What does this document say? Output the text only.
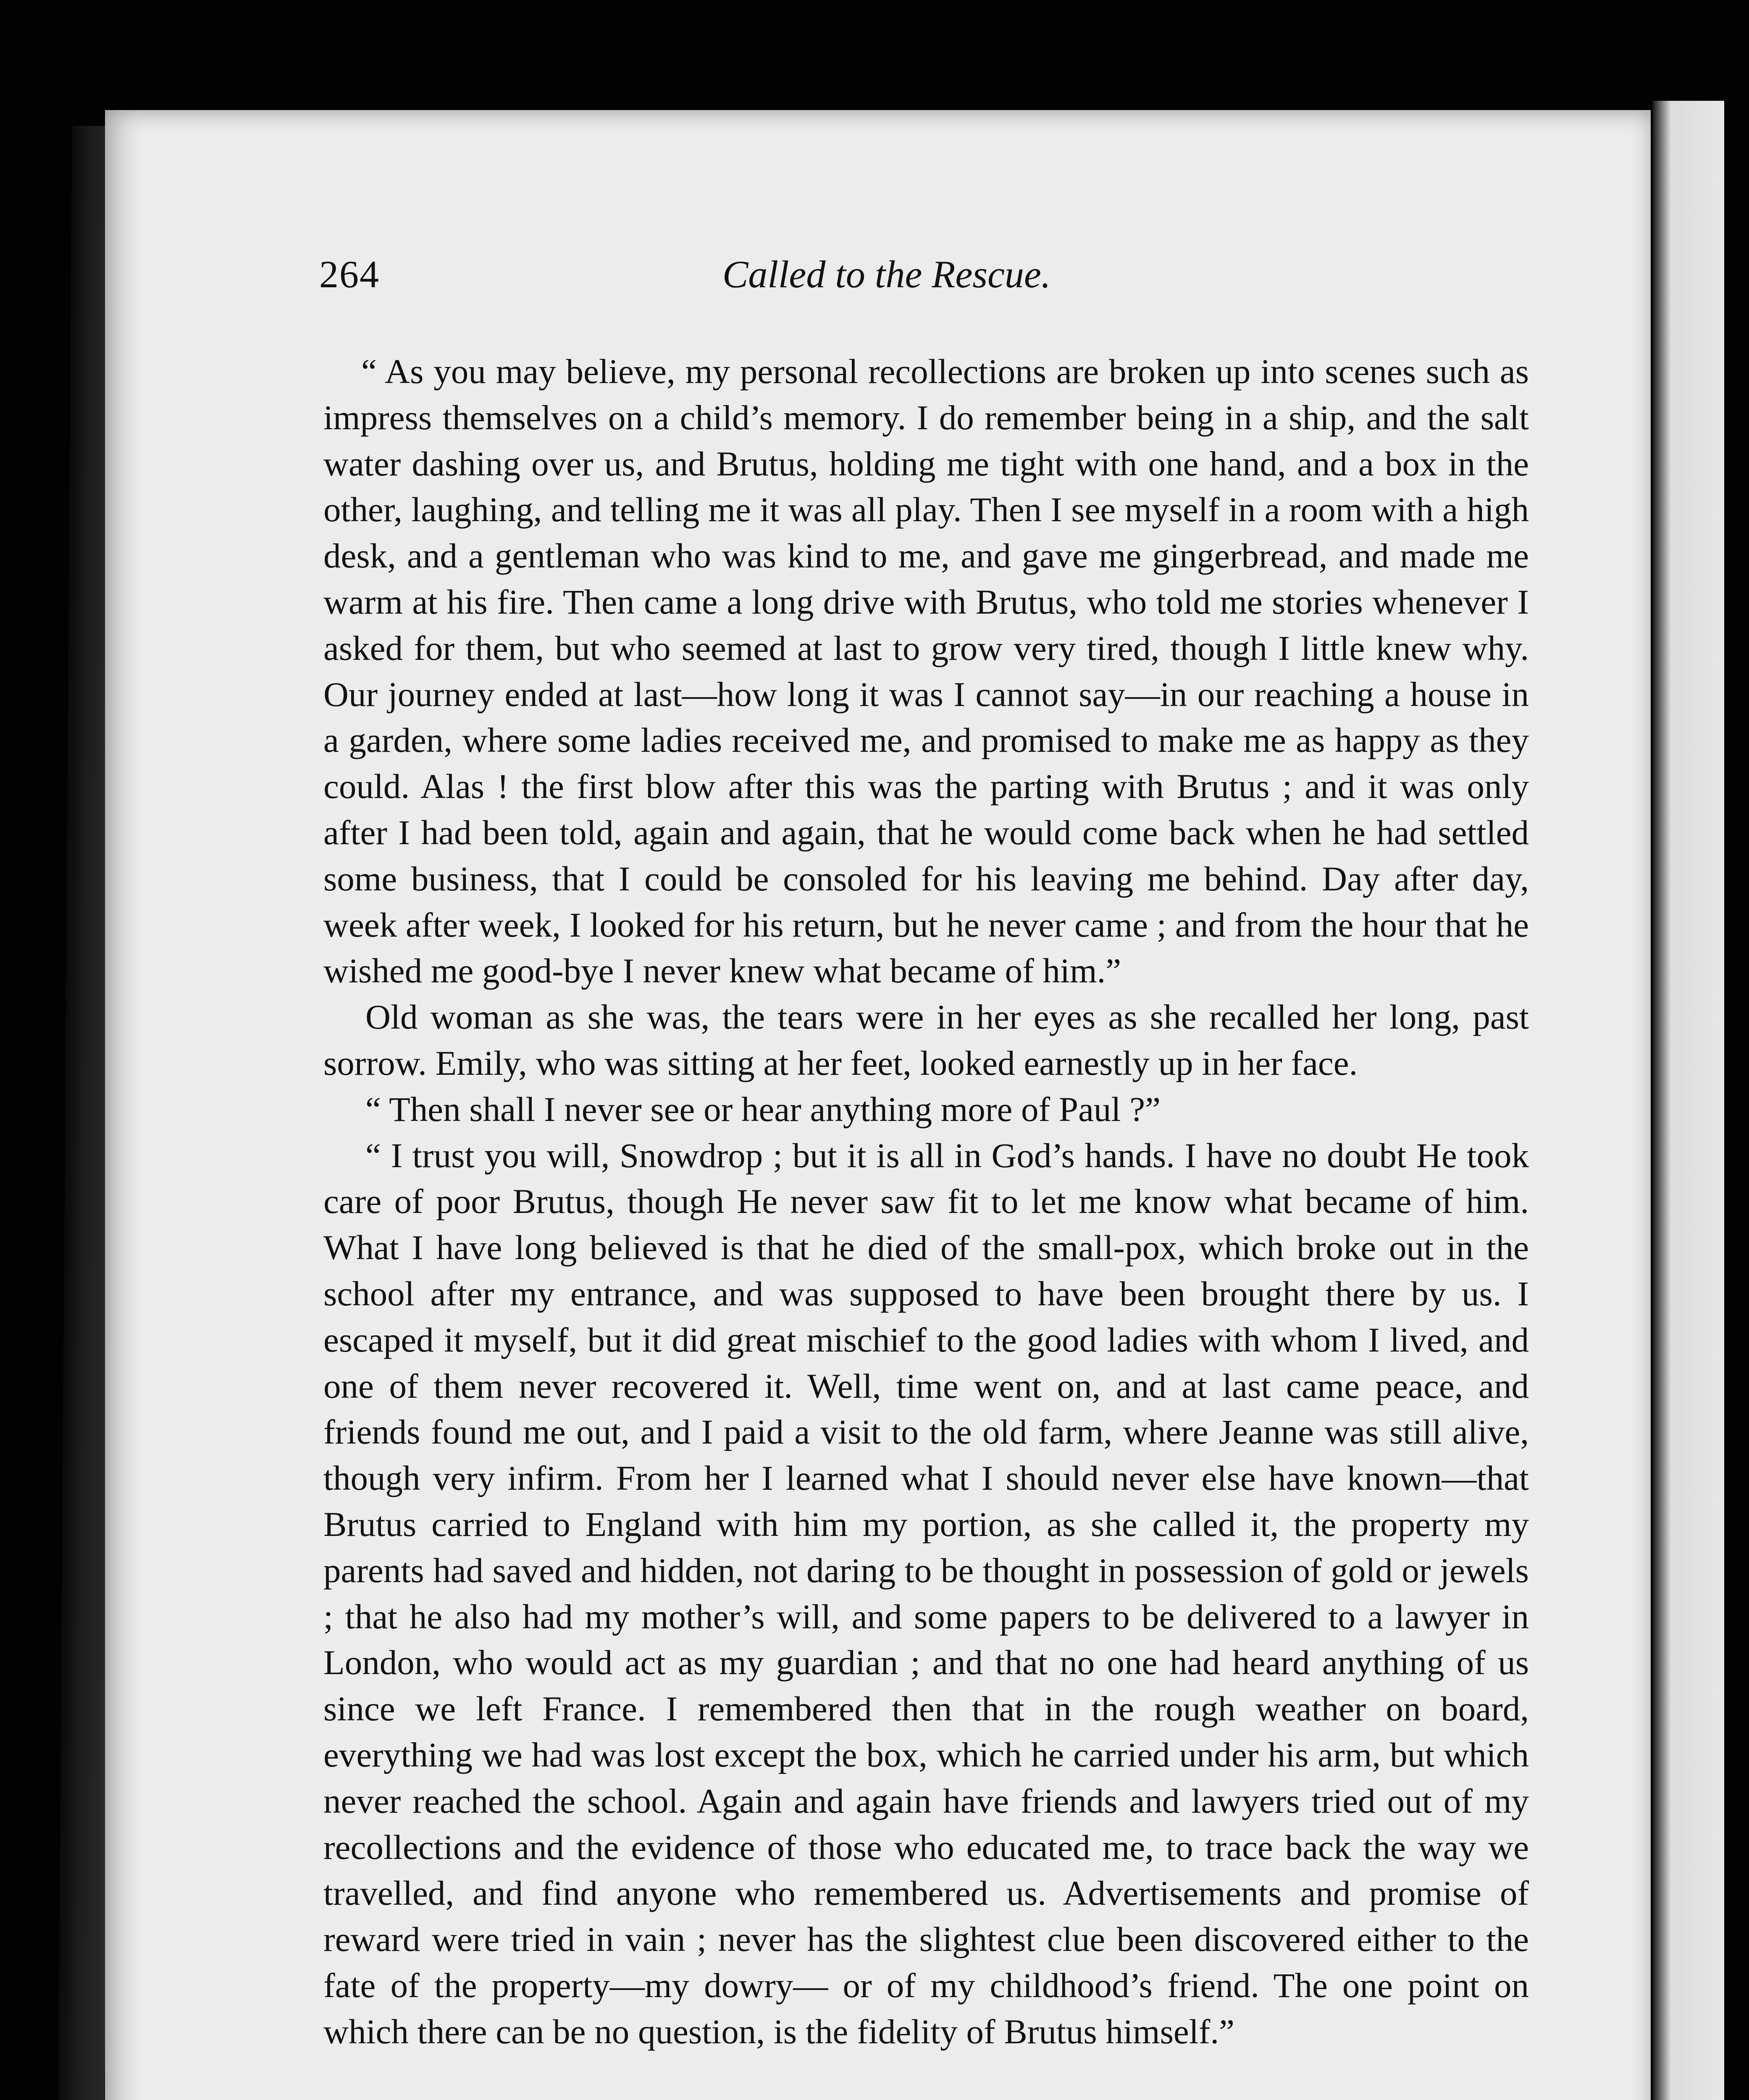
264	Called to the Rescue.

“ As you may believe, my personal recollections are broken up into scenes such as impress themselves on a child’s memory. I do remember being in a ship, and the salt water dashing over us, and Brutus, holding me tight with one hand, and a box in the other, laughing, and telling me it was all play. Then I see myself in a room with a high desk, and a gentleman who was kind to me, and gave me gingerbread, and made me warm at his fire. Then came a long drive with Brutus, who told me stories whenever I asked for them, but who seemed at last to grow very tired, though I little knew why. Our journey ended at last—how long it was I cannot say—in our reaching a house in a garden, where some ladies received me, and promised to make me as happy as they could. Alas ! the first blow after this was the parting with Brutus ; and it was only after I had been told, again and again, that he would come back when he had settled some business, that I could be consoled for his leaving me behind. Day after day, week after week, I looked for his return, but he never came ; and from the hour that he wished me good-bye I never knew what became of him.”

Old woman as she was, the tears were in her eyes as she recalled her long, past sorrow. Emily, who was sitting at her feet, looked earnestly up in her face.

“ Then shall I never see or hear anything more of Paul ?”

“ I trust you will, Snowdrop ; but it is all in God’s hands. I have no doubt He took care of poor Brutus, though He never saw fit to let me know what became of him. What I have long believed is that he died of the small-pox, which broke out in the school after my entrance, and was supposed to have been brought there by us. I escaped it myself, but it did great mischief to the good ladies with whom I lived, and one of them never recovered it. Well, time went on, and at last came peace, and friends found me out, and I paid a visit to the old farm, where Jeanne was still alive, though very infirm. From her I learned what I should never else have known—that Brutus carried to England with him my portion, as she called it, the property my parents had saved and hidden, not daring to be thought in possession of gold or jewels ; that he also had my mother’s will, and some papers to be delivered to a lawyer in London, who would act as my guardian ; and that no one had heard anything of us since we left France. I remembered then that in the rough weather on board, everything we had was lost except the box, which he carried under his arm, but which never reached the school. Again and again have friends and lawyers tried out of my recollections and the evidence of those who educated me, to trace back the way we travelled, and find anyone who remembered us. Advertisements and promise of reward were tried in vain ; never has the slightest clue been discovered either to the fate of the property—my dowry— or of my childhood’s friend. The one point on which there can be no question, is the fidelity of Brutus himself.”
